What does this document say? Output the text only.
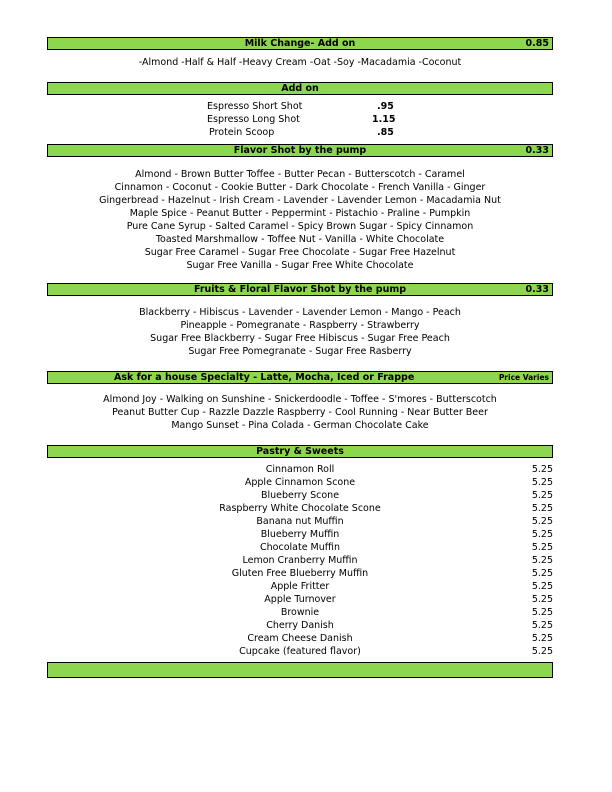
Milk Change- Add on	0.85
-Almond -Half & Half -Heavy Cream -Oat -Soy -Macadamia -Coconut
Add on
Espresso Short Shot	.95
Espresso Long Shot	1.15
Protein Scoop	.85
Flavor Shot by the pump	0.33
Almond - Brown Butter Toffee - Butter Pecan - Butterscotch - Caramel
Cinnamon - Coconut - Cookie Butter - Dark Chocolate - French Vanilla - Ginger
Gingerbread - Hazelnut - Irish Cream - Lavender - Lavender Lemon - Macadamia Nut
Maple Spice - Peanut Butter - Peppermint - Pistachio - Praline - Pumpkin
Pure Cane Syrup - Salted Caramel - Spicy Brown Sugar - Spicy Cinnamon
Toasted Marshmallow - Toffee Nut - Vanilla - White Chocolate
Sugar Free Caramel - Sugar Free Chocolate - Sugar Free Hazelnut
Sugar Free Vanilla - Sugar Free White Chocolate
Fruits & Floral Flavor Shot by the pump	0.33
Blackberry - Hibiscus - Lavender - Lavender Lemon - Mango - Peach
Pineapple - Pomegranate - Raspberry - Strawberry
Sugar Free Blackberry - Sugar Free Hibiscus - Sugar Free Peach
Sugar Free Pomegranate - Sugar Free Rasberry
Ask for a house Specialty - Latte, Mocha, Iced or Frappe	Price Varies
Almond Joy - Walking on Sunshine - Snickerdoodle - Toffee - S'mores - Butterscotch
Peanut Butter Cup - Razzle Dazzle Raspberry - Cool Running - Near Butter Beer
Mango Sunset - Pina Colada - German Chocolate Cake
Pastry & Sweets
Cinnamon Roll	5.25
Apple Cinnamon Scone	5.25
Blueberry Scone	5.25
Raspberry White Chocolate Scone	5.25
Banana nut Muffin	5.25
Blueberry Muffin	5.25
Chocolate Muffin	5.25
Lemon Cranberry Muffin	5.25
Gluten Free Blueberry Muffin	5.25
Apple Fritter	5.25
Apple Turnover	5.25
Brownie	5.25
Cherry Danish	5.25
Cream Cheese Danish	5.25
Cupcake (featured flavor)	5.25
